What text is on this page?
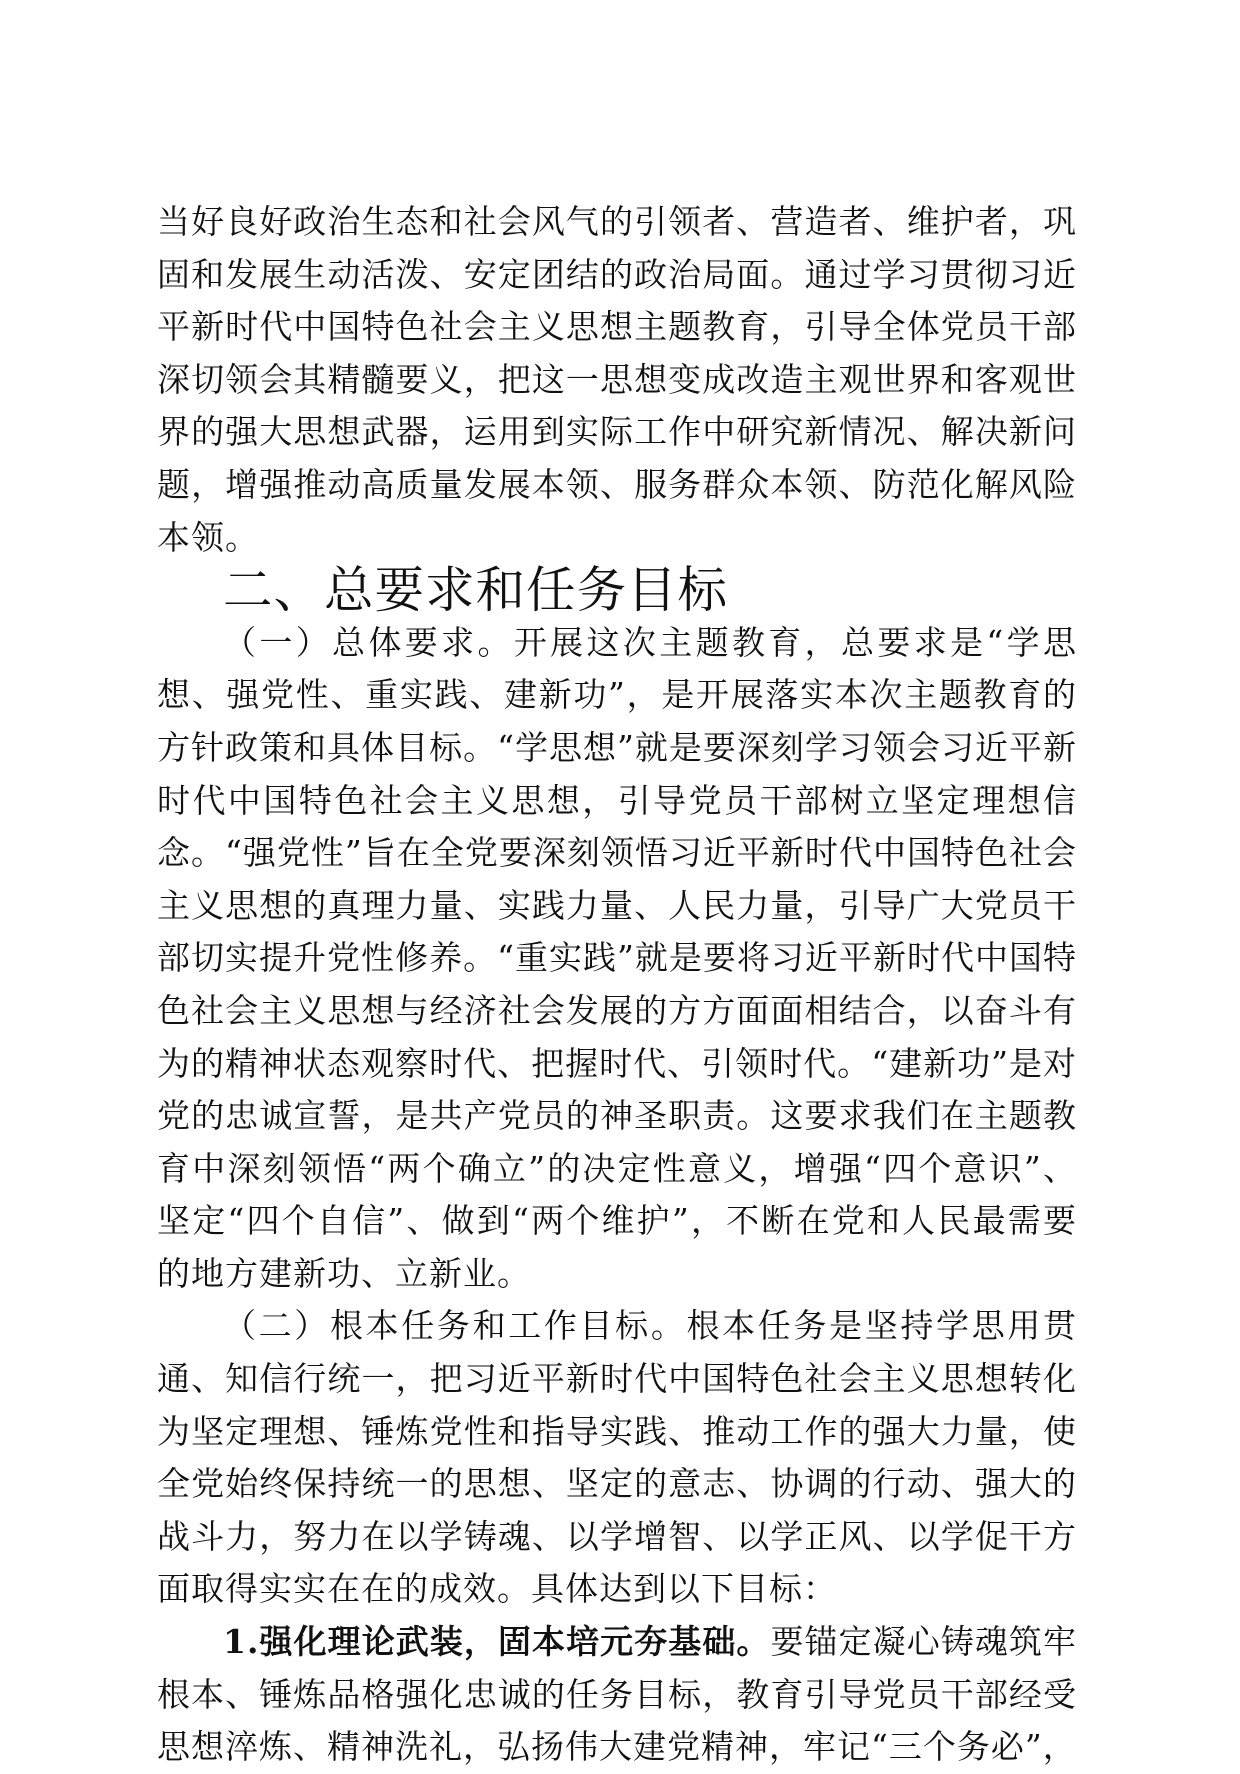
当好良好政治生态和社会风气的引领者、营造者、维护者，巩固和发展生动活泼、安定团结的政治局面。通过学习贯彻习近平新时代中国特色社会主义思想主题教育，引导全体党员干部深切领会其精髓要义，把这一思想变成改造主观世界和客观世界的强大思想武器，运用到实际工作中研究新情况、解决新问题，增强推动高质量发展本领、服务群众本领、防范化解风险本领。

二、总要求和任务目标

（一）总体要求。开展这次主题教育，总要求是“学思想、强党性、重实践、建新功”，是开展落实本次主题教育的方针政策和具体目标。“学思想”就是要深刻学习领会习近平新时代中国特色社会主义思想，引导党员干部树立坚定理想信念。“强党性”旨在全党要深刻领悟习近平新时代中国特色社会主义思想的真理力量、实践力量、人民力量，引导广大党员干部切实提升党性修养。“重实践”就是要将习近平新时代中国特色社会主义思想与经济社会发展的方方面面相结合，以奋斗有为的精神状态观察时代、把握时代、引领时代。“建新功”是对党的忠诚宣誓，是共产党员的神圣职责。这要求我们在主题教育中深刻领悟“两个确立”的决定性意义，增强“四个意识”、坚定“四个自信”、做到“两个维护”，不断在党和人民最需要的地方建新功、立新业。

（二）根本任务和工作目标。根本任务是坚持学思用贯通、知信行统一，把习近平新时代中国特色社会主义思想转化为坚定理想、锤炼党性和指导实践、推动工作的强大力量，使全党始终保持统一的思想、坚定的意志、协调的行动、强大的战斗力，努力在以学铸魂、以学增智、以学正风、以学促干方面取得实实在在的成效。具体达到以下目标：

1.强化理论武装，固本培元夯基础。要锚定凝心铸魂筑牢根本、锤炼品格强化忠诚的任务目标，教育引导党员干部经受思想淬炼、精神洗礼，弘扬伟大建党精神，牢记“三个务必”，
